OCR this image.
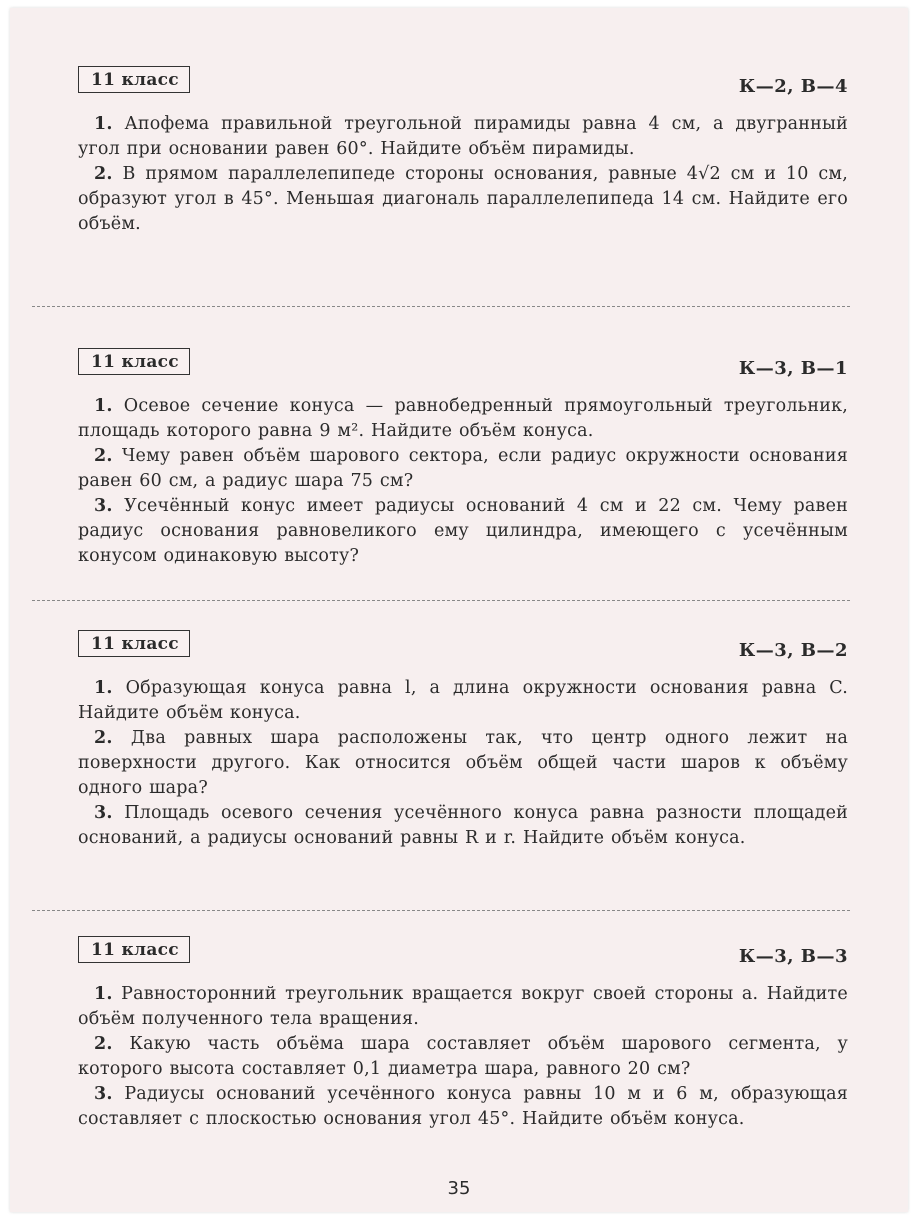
11 класс	К—2, В—4

1. Апофема правильной треугольной пирамиды равна 4 см, а двугранный угол при основании равен 60°. Найдите объём пирамиды.

2. В прямом параллелепипеде стороны основания, равные 4√2 см и 10 см, образуют угол в 45°. Меньшая диагональ параллелепипеда 14 см. Найдите его объём.

11 класс	К—3, В—1

1. Осевое сечение конуса — равнобедренный прямоугольный треугольник, площадь которого равна 9 м². Найдите объём конуса.

2. Чему равен объём шарового сектора, если радиус окружности основания равен 60 см, а радиус шара 75 см?

3. Усечённый конус имеет радиусы оснований 4 см и 22 см. Чему равен радиус основания равновеликого ему цилиндра, имеющего с усечённым конусом одинаковую высоту?

11 класс	К—3, В—2

1. Образующая конуса равна l, а длина окружности основания равна C. Найдите объём конуса.

2. Два равных шара расположены так, что центр одного лежит на поверхности другого. Как относится объём общей части шаров к объёму одного шара?

3. Площадь осевого сечения усечённого конуса равна разности площадей оснований, а радиусы оснований равны R и r. Найдите объём конуса.

11 класс	К—3, В—3

1. Равносторонний треугольник вращается вокруг своей стороны a. Найдите объём полученного тела вращения.

2. Какую часть объёма шара составляет объём шарового сегмента, у которого высота составляет 0,1 диаметра шара, равного 20 см?

3. Радиусы оснований усечённого конуса равны 10 м и 6 м, образующая составляет с плоскостью основания угол 45°. Найдите объём конуса.

35
